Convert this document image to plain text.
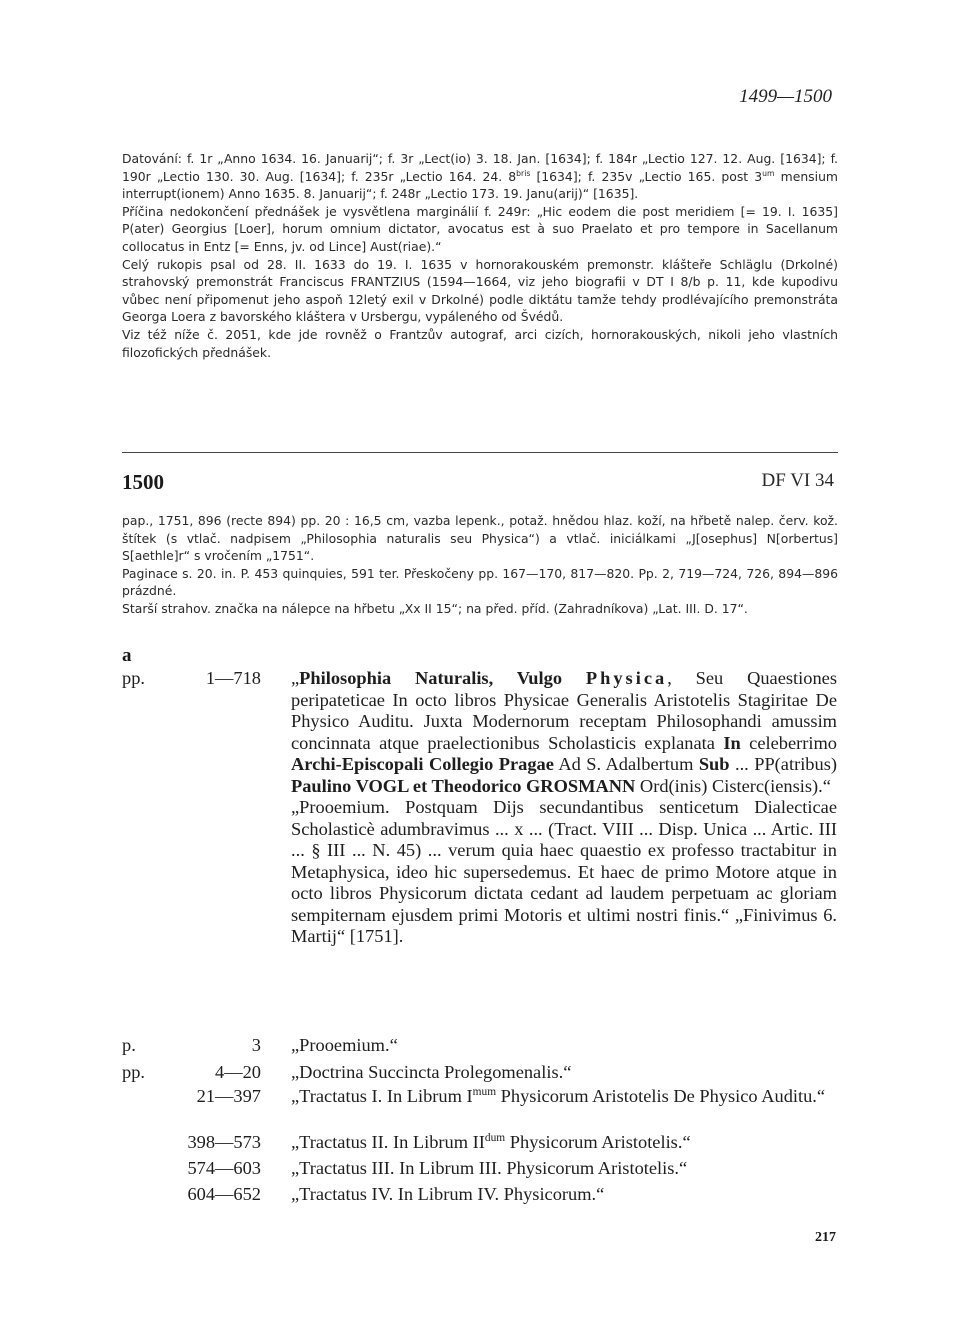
1499—1500

Datování: f. 1r „Anno 1634. 16. Januarij“; f. 3r „Lect(io) 3. 18. Jan. [1634]; f. 184r „Lectio 127. 12. Aug. [1634]; f. 190r „Lectio 130. 30. Aug. [1634]; f. 235r „Lectio 164. 24. $8^{bris}$ [1634]; f. 235v „Lectio 165. post $3^{um}$ mensium interrupt(ionem) Anno 1635. 8. Januarij“; f. 248r „Lectio 173. 19. Janu(arij)“ [1635].

Příčina nedokončení přednášek je vysvětlena marginálií f. 249r: „Hic eodem die post meridiem [= 19. I. 1635] P(ater) Georgius [Loer], horum omnium dictator, avocatus est à suo Praelato et pro tempore in Sacellanum collocatus in Entz [= Enns, jv. od Lince] Aust(riae).“

Celý rukopis psal od 28. II. 1633 do 19. I. 1635 v hornorakouském premonstr. klášteře Schläglu (Drkolné) strahovský premonstrát Franciscus FRANTZIUS (1594—1664, viz jeho biografii v DT I 8/b p. 11, kde kupodivu vůbec není připomenut jeho aspoň 12letý exil v Drkolné) podle diktátu tamže tehdy prodlévajícího premonstráta Georga Loera z bavorského kláštera v Ursbergu, vypáleného od Švédů.

Viz též níže č. 2051, kde jde rovněž o Frantzův autograf, arci cizích, hornorakouských, nikoli jeho vlastních filozofických přednášek.

1500	DF VI 34

pap., 1751, 896 (recte 894) pp. 20 : 16,5 cm, vazba lepenk., potaž. hnědou hlaz. koží, na hřbetě nalep. červ. kož. štítek (s vtlač. nadpisem „Philosophia naturalis seu Physica“) a vtlač. iniciálkami „J[osephus] N[orbertus] S[aethle]r“ s vročením „1751“.

Paginace s. 20. in. P. 453 quinquies, 591 ter. Přeskočeny pp. 167—170, 817—820. Pp. 2, 719—724, 726, 894—896 prázdné.

Starší strahov. značka na nálepce na hřbetu „Xx II 15“; na před. příd. (Zahradníkova) „Lat. III. D. 17“.

a
pp.	1—718 „Philosophia Naturalis, Vulgo Physica, Seu Quaestiones peripateticae In octo libros Physicae Generalis Aristotelis Stagiritae De Physico Auditu. Juxta Modernorum receptam Philosophandi amussim concinnata atque praelectionibus Scholasticis explanata In celeberrimo Archi-Episcopali Collegio Pragae Ad S. Adalbertum Sub ... PP(atribus) Paulino VOGL et Theodorico GROSMANN Ord(inis) Cisterc(iensis).“

„Prooemium. Postquam Dijs secundantibus senticetum Dialecticae Scholasticè adumbravimus ... x ... (Tract. VIII ... Disp. Unica ... Artic. III ... § III ... N. 45) ... verum quia haec quaestio ex professo tractabitur in Metaphysica, ideo hic supersedemus. Et haec de primo Motore atque in octo libros Physicorum dictata cedant ad laudem perpetuam ac gloriam sempiternam ejusdem primi Motoris et ultimi nostri finis.“ „Finivimus 6. Martij“ [1751].

p.	3 „Prooemium.“
pp.	4—20 „Doctrina Succincta Prolegomenalis.“
21—397 „Tractatus I. In Librum $I^{mum}$ Physicorum Aristotelis De Physico Auditu.“
398—573 „Tractatus II. In Librum $II^{dum}$ Physicorum Aristotelis.“
574—603 „Tractatus III. In Librum III. Physicorum Aristotelis.“
604—652 „Tractatus IV. In Librum IV. Physicorum.“
217
